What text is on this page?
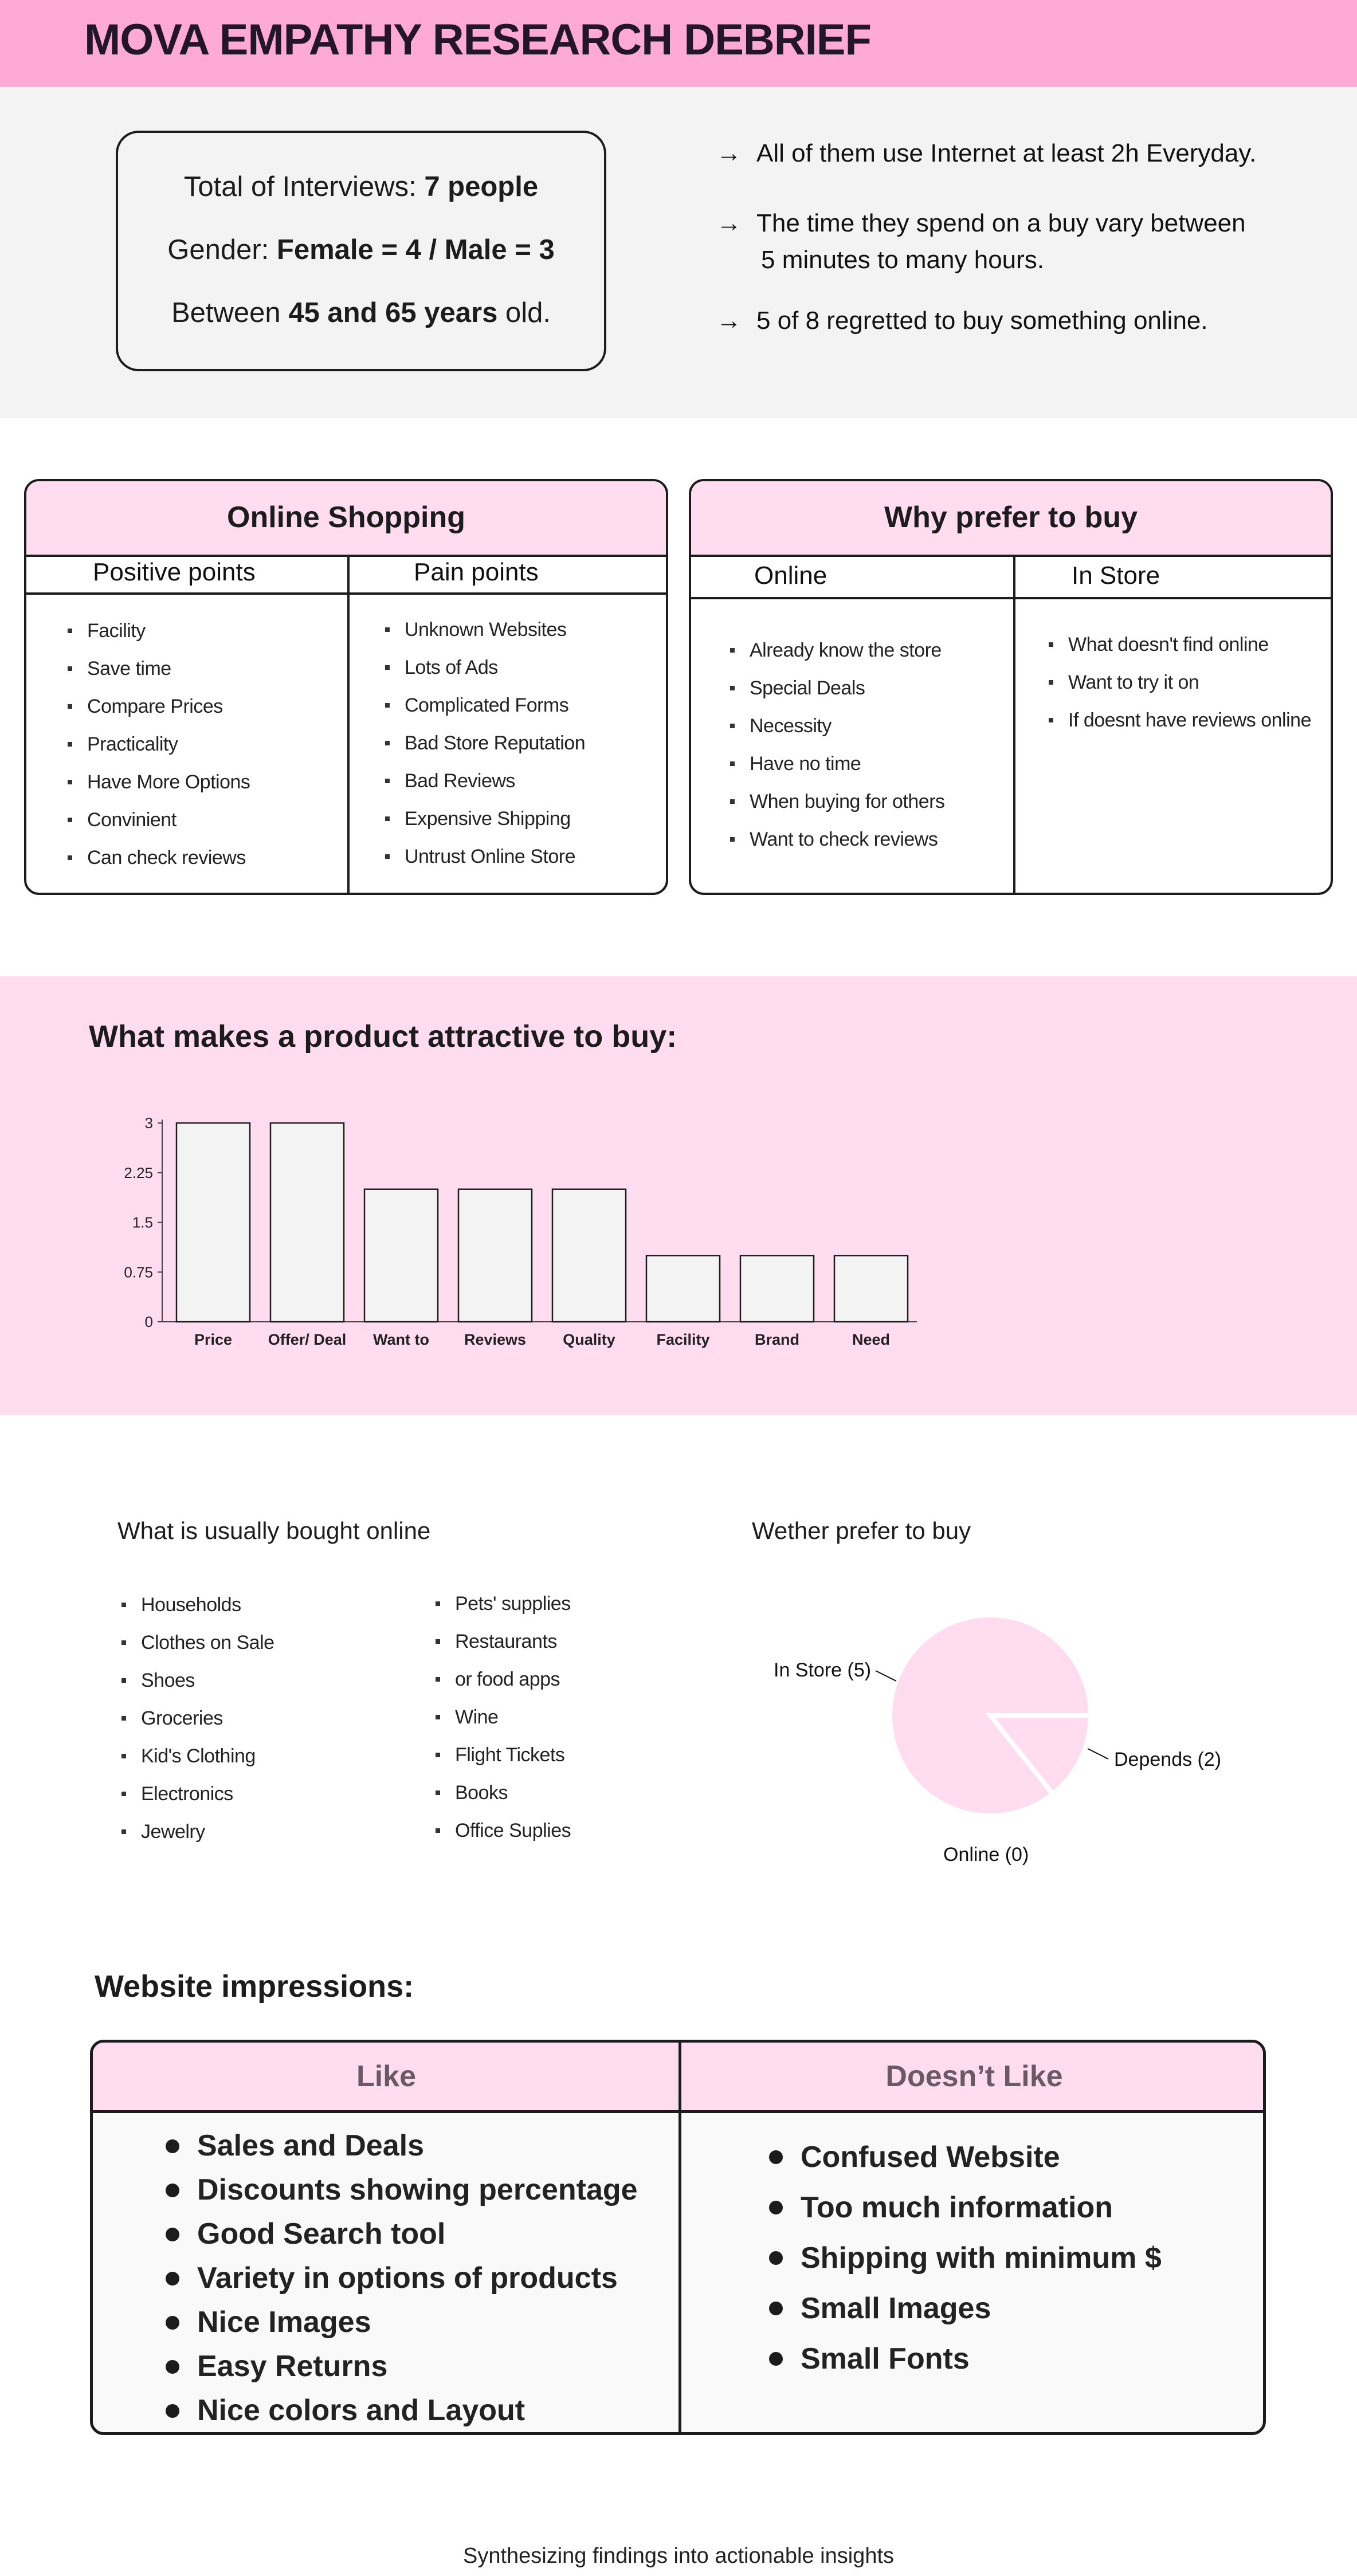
MOVA EMPATHY RESEARCH DEBRIEF
Total of Interviews: 7 people
Gender: Female = 4 / Male = 3
Between 45 and 65 years old.
→ All of them use Internet at least 2h Everyday.
→ The time they spend on a buy vary between
5 minutes to many hours.
→ 5 of 8 regretted to buy something online.
Online Shopping
Positive points	Pain points
Facility
Save time
Compare Prices
Practicality
Have More Options
Convinient
Can check reviews
Unknown Websites
Lots of Ads
Complicated Forms
Bad Store Reputation
Bad Reviews
Expensive Shipping
Untrust Online Store
Why prefer to buy
Online	In Store
Already know the store
Special Deals
Necessity
Have no time
When buying for others
Want to check reviews
What doesn't find online
Want to try it on
If doesnt have reviews online
What makes a product attractive to buy:
0
0.75
1.5
2.25
3
Price Offer/ Deal Want to Reviews Quality	Facility	Brand	Need
What is usually bought online
Households
Clothes on Sale
Shoes
Groceries
Kid's Clothing
Electronics
Jewelry
Pets' supplies
Restaurants
or food apps
Wine
Flight Tickets
Books
Office Suplies
Wether prefer to buy
In Store (5)
Depends (2)
Online (0)
Website impressions:
Like	Doesn’t Like
Sales and Deals
Discounts showing percentage
Good Search tool
Variety in options of products
Nice Images
Easy Returns
Nice colors and Layout
Confused Website
Too much information
Shipping with minimum $
Small Images
Small Fonts
Synthesizing findings into actionable insights
